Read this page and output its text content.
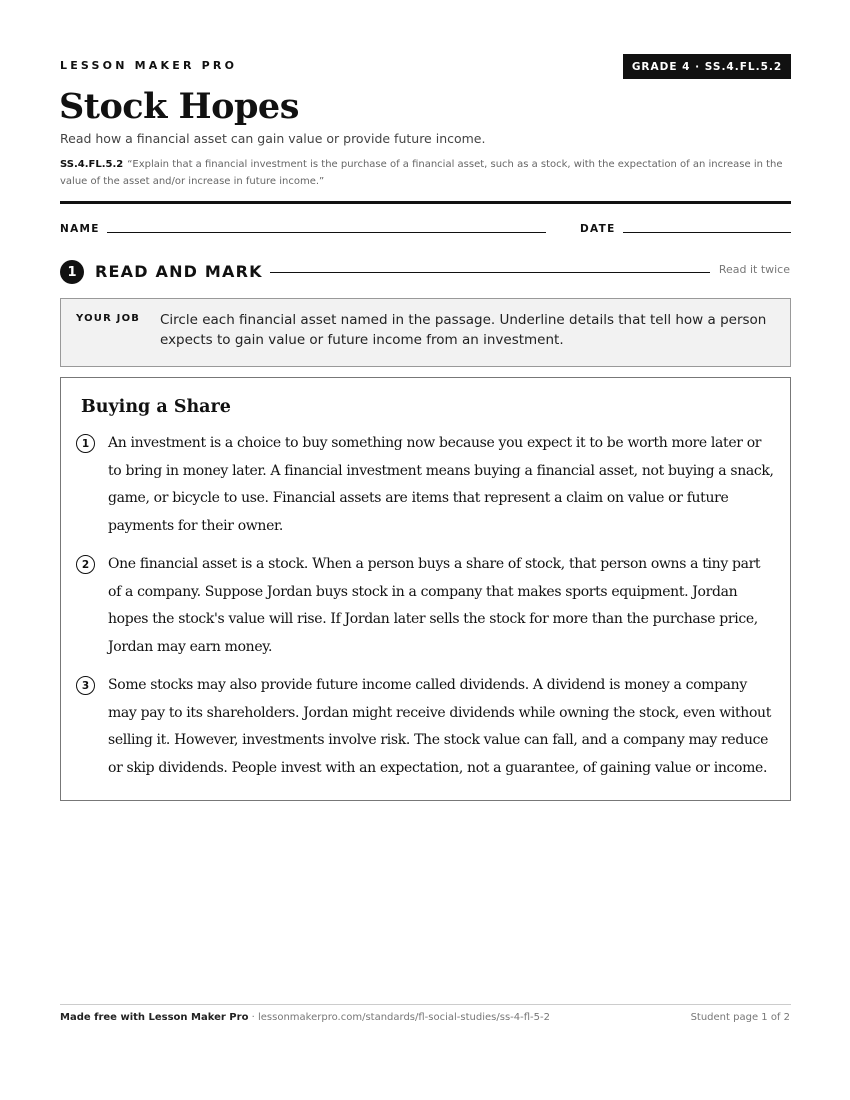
LESSON MAKER PRO	GRADE 4 · SS.4.FL.5.2
Stock Hopes
Read how a financial asset can gain value or provide future income.
SS.4.FL.5.2 “Explain that a financial investment is the purchase of a financial asset, such as a stock, with the expectation of an increase in the value of the asset and/or increase in future income.”
NAME	DATE
1	READ AND MARK	Read it twice
YOUR JOB Circle each financial asset named in the passage. Underline details that tell how a person expects to gain value or future income from an investment.
Buying a Share
1	An investment is a choice to buy something now because you expect it to be worth more later or to bring in money later. A financial investment means buying a financial asset, not buying a snack, game, or bicycle to use. Financial assets are items that represent a claim on value or future payments for their owner.

2	One financial asset is a stock. When a person buys a share of stock, that person owns a tiny part of a company. Suppose Jordan buys stock in a company that makes sports equipment. Jordan hopes the stock's value will rise. If Jordan later sells the stock for more than the purchase price, Jordan may earn money.

3	Some stocks may also provide future income called dividends. A dividend is money a company may pay to its shareholders. Jordan might receive dividends while owning the stock, even without selling it. However, investments involve risk. The stock value can fall, and a company may reduce or skip dividends. People invest with an expectation, not a guarantee, of gaining value or income.

Made free with Lesson Maker Pro · lessonmakerpro.com/standards/fl-social-studies/ss-4-fl-5-2	Student page 1 of 2
